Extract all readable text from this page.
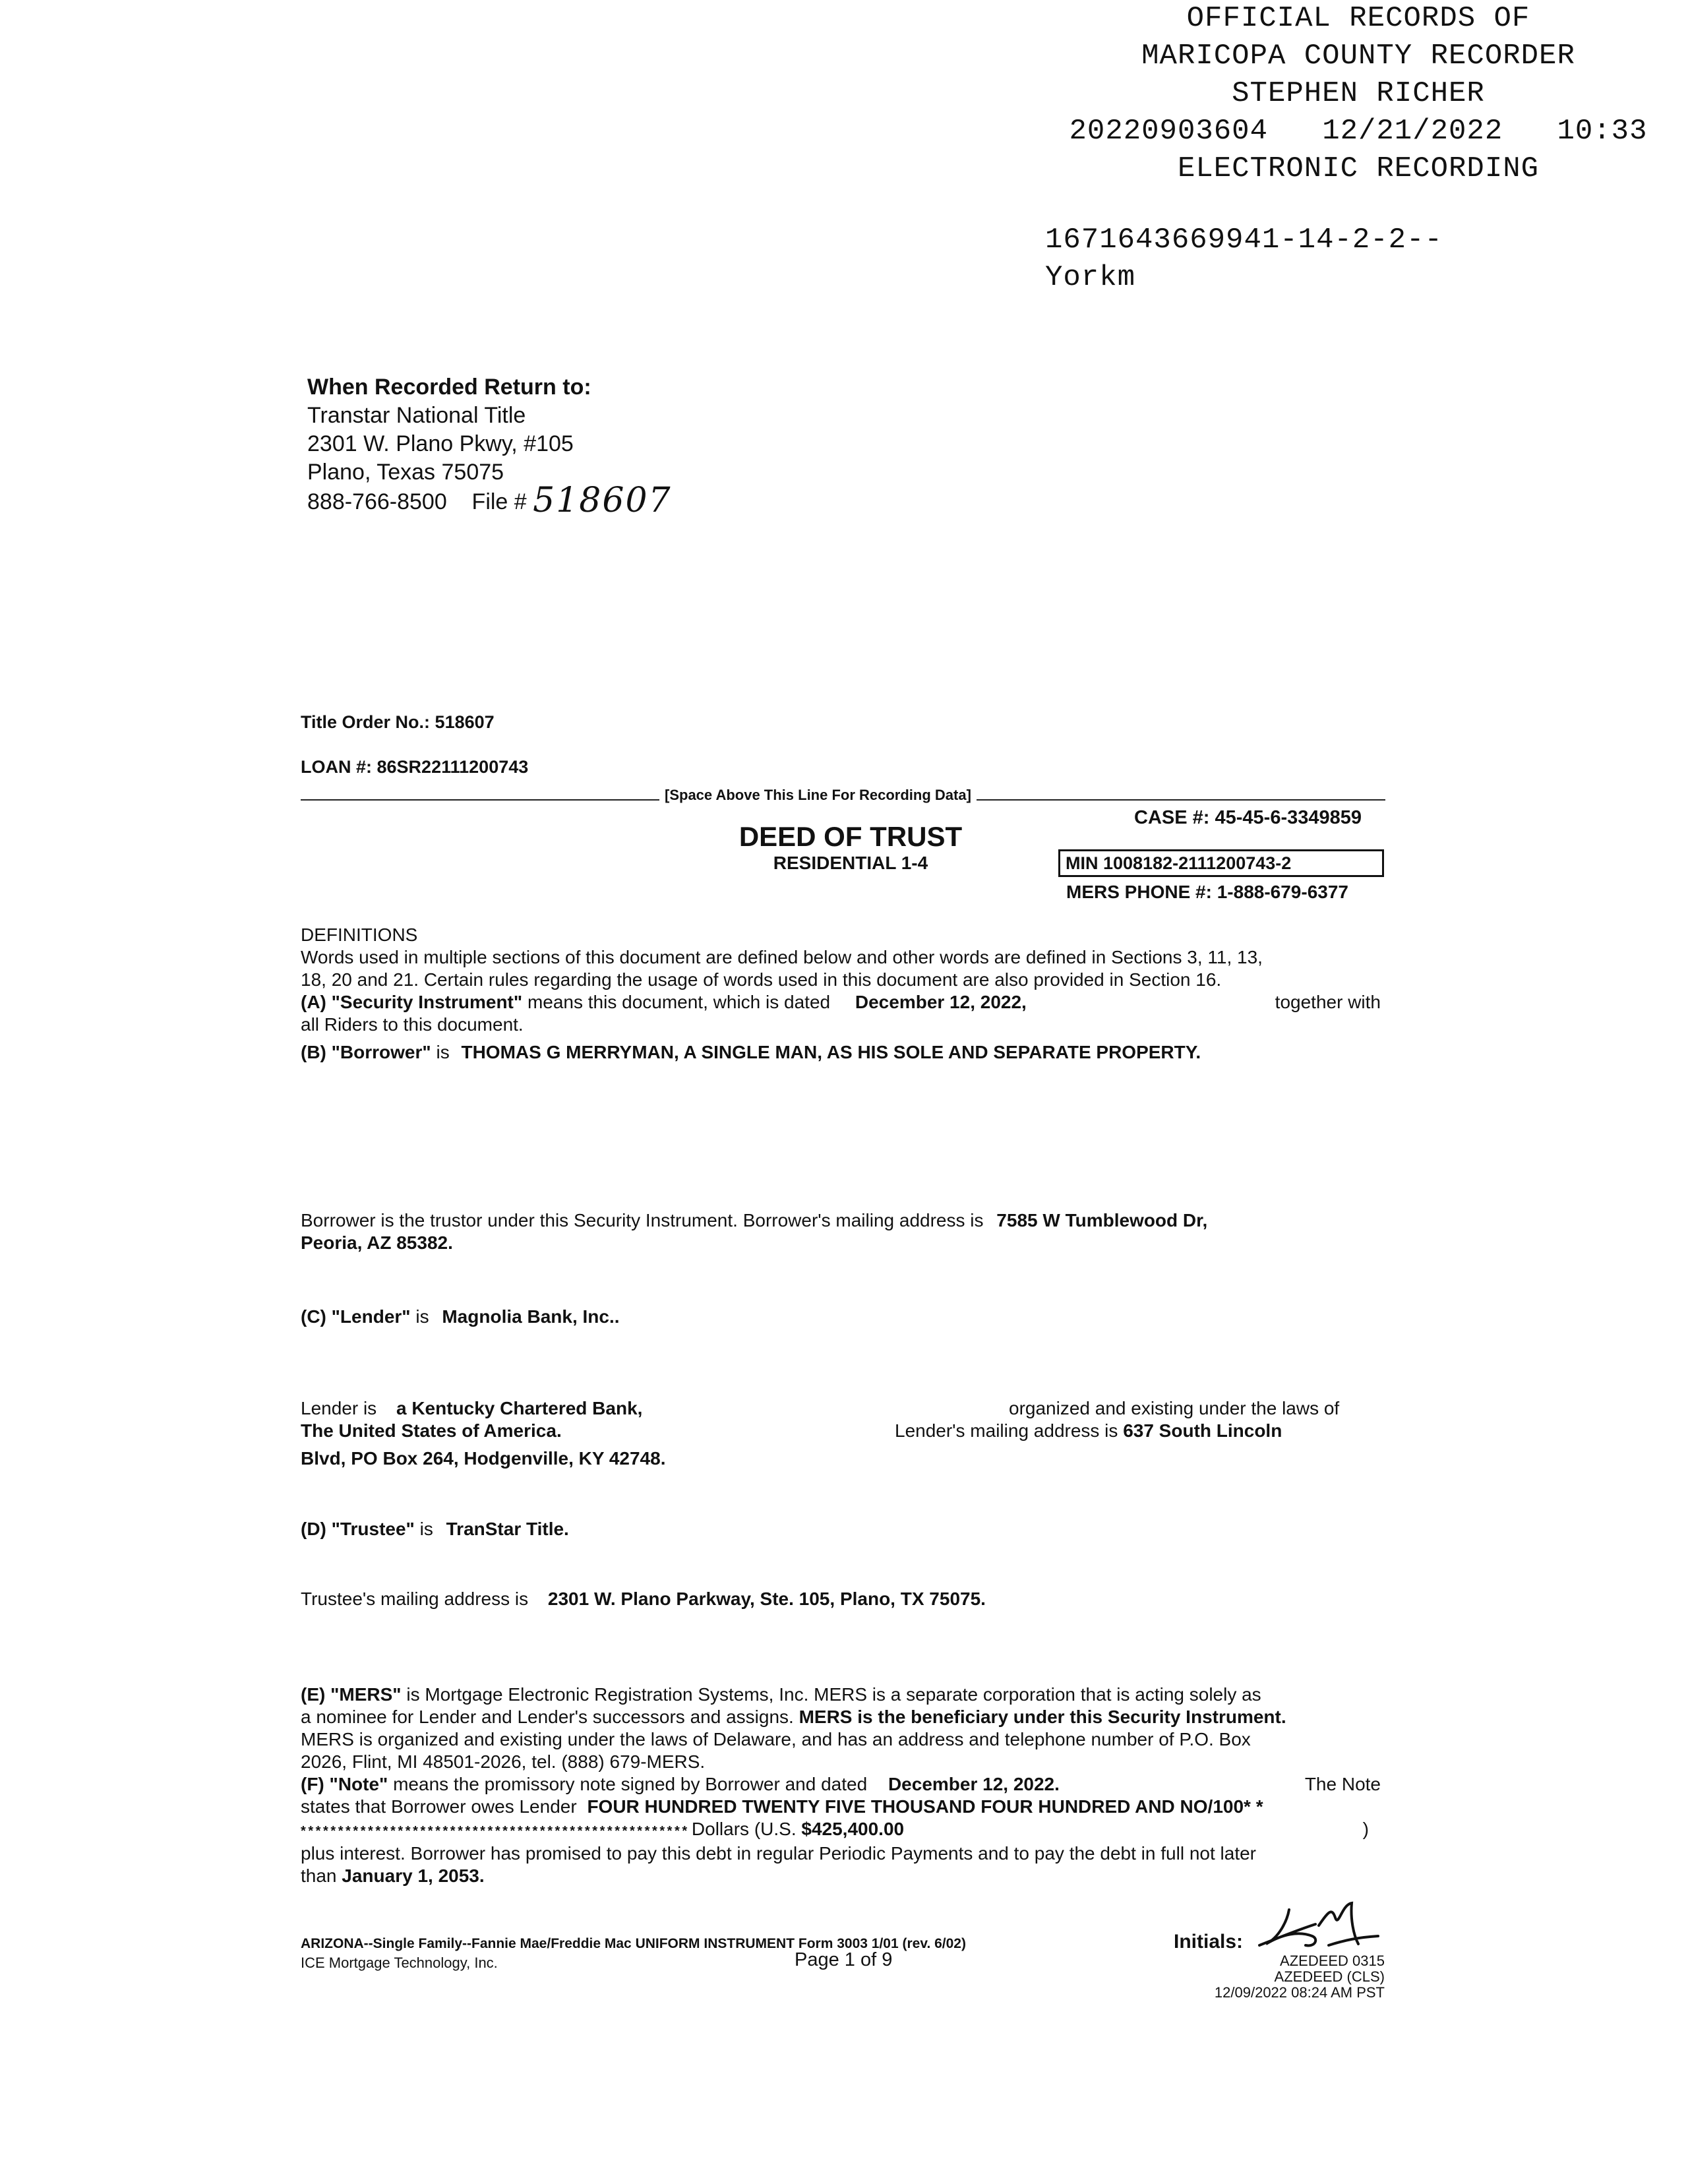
OFFICIAL RECORDS OF
MARICOPA COUNTY RECORDER
STEPHEN RICHER
20220903604   12/21/2022   10:33
ELECTRONIC RECORDING
1671643669941-14-2-2--
Yorkm
When Recorded Return to:
Transtar National Title
2301 W. Plano Pkwy, #105
Plano, Texas 75075
888-766-8500 File # 518607
Title Order No.: 518607
LOAN #: 86SR22111200743
[Space Above This Line For Recording Data]
CASE #: 45-45-6-3349859
DEED OF TRUST
RESIDENTIAL 1-4	MIN 1008182-2111200743-2
MERS PHONE #: 1-888-679-6377
DEFINITIONS
Words used in multiple sections of this document are defined below and other words are defined in Sections 3, 11, 13,
18, 20 and 21. Certain rules regarding the usage of words used in this document are also provided in Section 16.
(A) "Security Instrument" means this document, which is dated December 12, 2022,	together with
all Riders to this document.
(B) "Borrower" is THOMAS G MERRYMAN, A SINGLE MAN, AS HIS SOLE AND SEPARATE PROPERTY.
Borrower is the trustor under this Security Instrument. Borrower's mailing address is 7585 W Tumblewood Dr,
Peoria, AZ 85382.
(C) "Lender" is Magnolia Bank, Inc..
Lender is a Kentucky Chartered Bank,	organized and existing under the laws of
The United States of America.	Lender's mailing address is 637 South Lincoln
Blvd, PO Box 264, Hodgenville, KY 42748.
(D) "Trustee" is TranStar Title.
Trustee's mailing address is 2301 W. Plano Parkway, Ste. 105, Plano, TX 75075.
(E) "MERS" is Mortgage Electronic Registration Systems, Inc. MERS is a separate corporation that is acting solely as
a nominee for Lender and Lender's successors and assigns. MERS is the beneficiary under this Security Instrument.
MERS is organized and existing under the laws of Delaware, and has an address and telephone number of P.O. Box
2026, Flint, MI 48501-2026, tel. (888) 679-MERS.
(F) "Note" means the promissory note signed by Borrower and dated December 12, 2022.	The Note
states that Borrower owes Lender FOUR HUNDRED TWENTY FIVE THOUSAND FOUR HUNDRED AND NO/100* *
* * * * * * * * * * * * * * * * * * * * * * * * * * * * * * * * * * * * * * * * * * * * * * * * * * * * Dollars (U.S. $425,400.00	)
plus interest. Borrower has promised to pay this debt in regular Periodic Payments and to pay the debt in full not later
than January 1, 2053.
ARIZONA--Single Family--Fannie Mae/Freddie Mac UNIFORM INSTRUMENT Form 3003 1/01 (rev. 6/02)
ICE Mortgage Technology, Inc.	Page 1 of 9
Initials:
AZEDEED 0315
AZEDEED (CLS)
12/09/2022 08:24 AM PST
